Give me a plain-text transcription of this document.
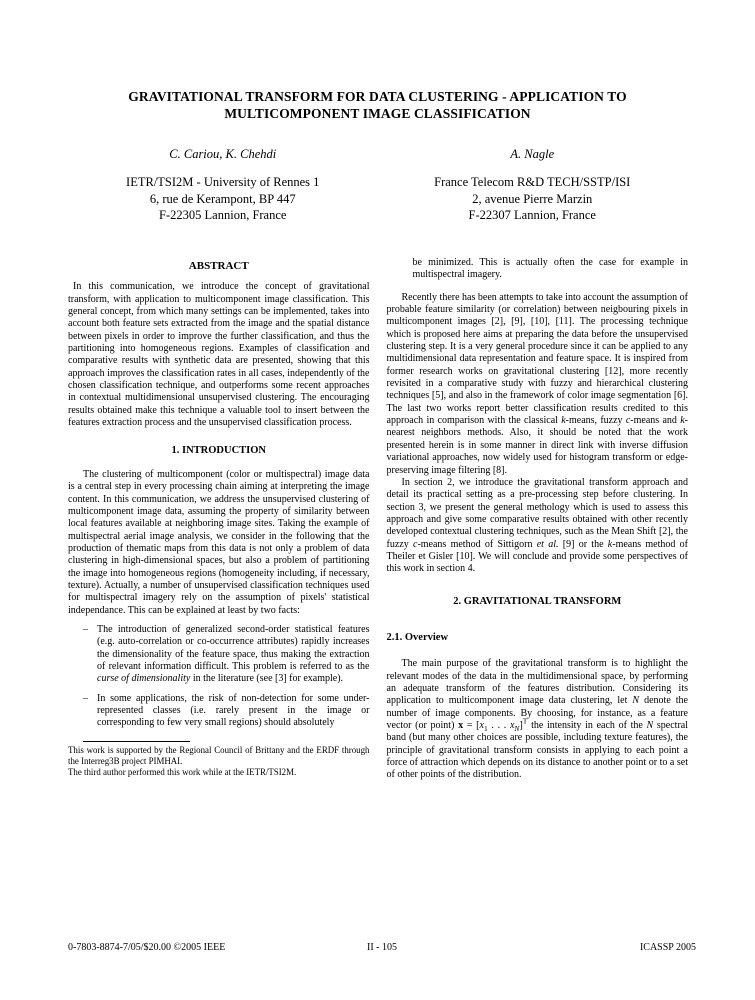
GRAVITATIONAL TRANSFORM FOR DATA CLUSTERING - APPLICATION TO
MULTICOMPONENT IMAGE CLASSIFICATION
C. Cariou, K. Chehdi
IETR/TSI2M - University of Rennes 1
6, rue de Kerampont, BP 447
F-22305 Lannion, France
A. Nagle
France Telecom R&D TECH/SSTP/ISI
2, avenue Pierre Marzin
F-22307 Lannion, France
ABSTRACT
In this communication, we introduce the concept of gravitational transform, with application to multicomponent image classification. This general concept, from which many settings can be implemented, takes into account both feature sets extracted from the image and the spatial distance between pixels in order to improve the further classification, and thus the partitioning into homogeneous regions. Examples of classification and comparative results with synthetic data are presented, showing that this approach improves the classification rates in all cases, independently of the chosen classification technique, and outperforms some recent approaches in contextual multidimensional unsupervised clustering. The encouraging results obtained make this technique a valuable tool to insert between the features extraction process and the unsupervised classification process.
1. INTRODUCTION
The clustering of multicomponent (color or multispectral) image data is a central step in every processing chain aiming at interpreting the image content. In this communication, we address the unsupervised clustering of multicomponent image data, assuming the property of similarity between local features available at neighboring image sites. Taking the example of multispectral aerial image analysis, we consider in the following that the production of thematic maps from this data is not only a problem of data clustering in high-dimensional spaces, but also a problem of partitioning the image into homogeneous regions (homogeneity including, if necessary, texture). Actually, a number of unsupervised classification techniques used for multispectral imagery rely on the assumption of pixels' statistical independance. This can be explained at least by two facts:
– The introduction of generalized second-order statistical features (e.g. auto-correlation or co-occurrence attributes) rapidly increases the dimensionality of the feature space, thus making the extraction of relevant information difficult. This problem is referred to as the curse of dimensionality in the literature (see [3] for example).
– In some applications, the risk of non-detection for some under-represented classes (i.e. rarely present in the image or corresponding to few very small regions) should absolutely
This work is supported by the Regional Council of Brittany and the ERDF through the Interreg3B project PIMHAI.
The third author performed this work while at the IETR/TSI2M.
be minimized. This is actually often the case for example in multispectral imagery.
Recently there has been attempts to take into account the assumption of probable feature similarity (or correlation) between neigbouring pixels in multicomponent images [2], [9], [10], [11]. The processing technique which is proposed here aims at preparing the data before the unsupervised clustering step. It is a very general procedure since it can be applied to any multidimensional data representation and feature space. It is inspired from former research works on gravitational clustering [12], more recently revisited in a comparative study with fuzzy and hierarchical clustering techniques [5], and also in the framework of color image segmentation [6]. The last two works report better classification results credited to this approach in comparison with the classical k-means, fuzzy c-means and k-nearest neighbors methods. Also, it should be noted that the work presented herein is in some manner in direct link with inverse diffusion variational approaches, now widely used for histogram transform or edge-preserving image filtering [8].
In section 2, we introduce the gravitational transform approach and detail its practical setting as a pre-processing step before clustering. In section 3, we present the general methology which is used to assess this approach and give some comparative results obtained with other recently developed contextual clustering techniques, such as the Mean Shift [2], the fuzzy c-means method of Sittigorn et al. [9] or the k-means method of Theiler et Gisler [10]. We will conclude and provide some perspectives of this work in section 4.
2. GRAVITATIONAL TRANSFORM
2.1. Overview
The main purpose of the gravitational transform is to highlight the relevant modes of the data in the multidimensional space, by performing an adequate transform of the features distribution. Considering its application to multicomponent image data clustering, let N denote the number of image components. By choosing, for instance, as a feature vector (or point) $x = [x_1$ . . . $x_N]^T$ the intensity in each of the N spectral band (but many other choices are possible, including texture features), the principle of gravitational transform consists in applying to each point a force of attraction which depends on its distance to another point or to a set of other points of the distribution.
0-7803-8874-7/05/$20.00 ©2005 IEEE	II - 105	ICASSP 2005
